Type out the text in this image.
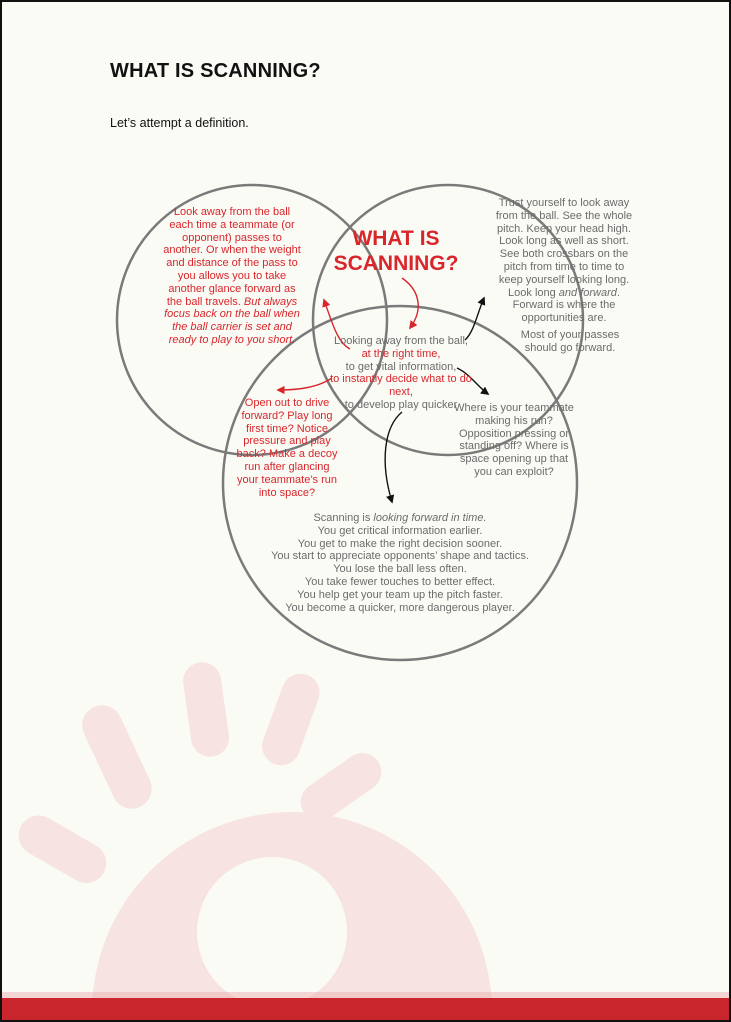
WHAT IS SCANNING?
Let’s attempt a definition.
Look away from the ball each time a teammate (or opponent) passes to another. Or when the weight and distance of the pass to you allows you to take another glance forward as the ball travels. But always focus back on the ball when the ball carrier is set and ready to play to you short.
WHAT IS SCANNING?
Trust yourself to look away from the ball. See the whole pitch. Keep your head high. Look long as well as short. See both crossbars on the pitch from time to time to keep yourself looking long. Look long and forward. Forward is where the opportunities are.

Most of your passes should go forward.

Looking away from the ball,

at the right time,

to get vital information,

to instantly decide what to do next,

to develop play quicker

Open out to drive forward? Play long first time? Notice pressure and play back? Make a decoy run after glancing your teammate’s run into space?
Where is your teammate making his run? Opposition pressing or standing off? Where is space opening up that you can exploit?

Scanning is looking forward in time.

You get critical information earlier.

You get to make the right decision sooner.

You start to appreciate opponents’ shape and tactics.

You lose the ball less often.

You take fewer touches to better effect.

You help get your team up the pitch faster.

You become a quicker, more dangerous player.
